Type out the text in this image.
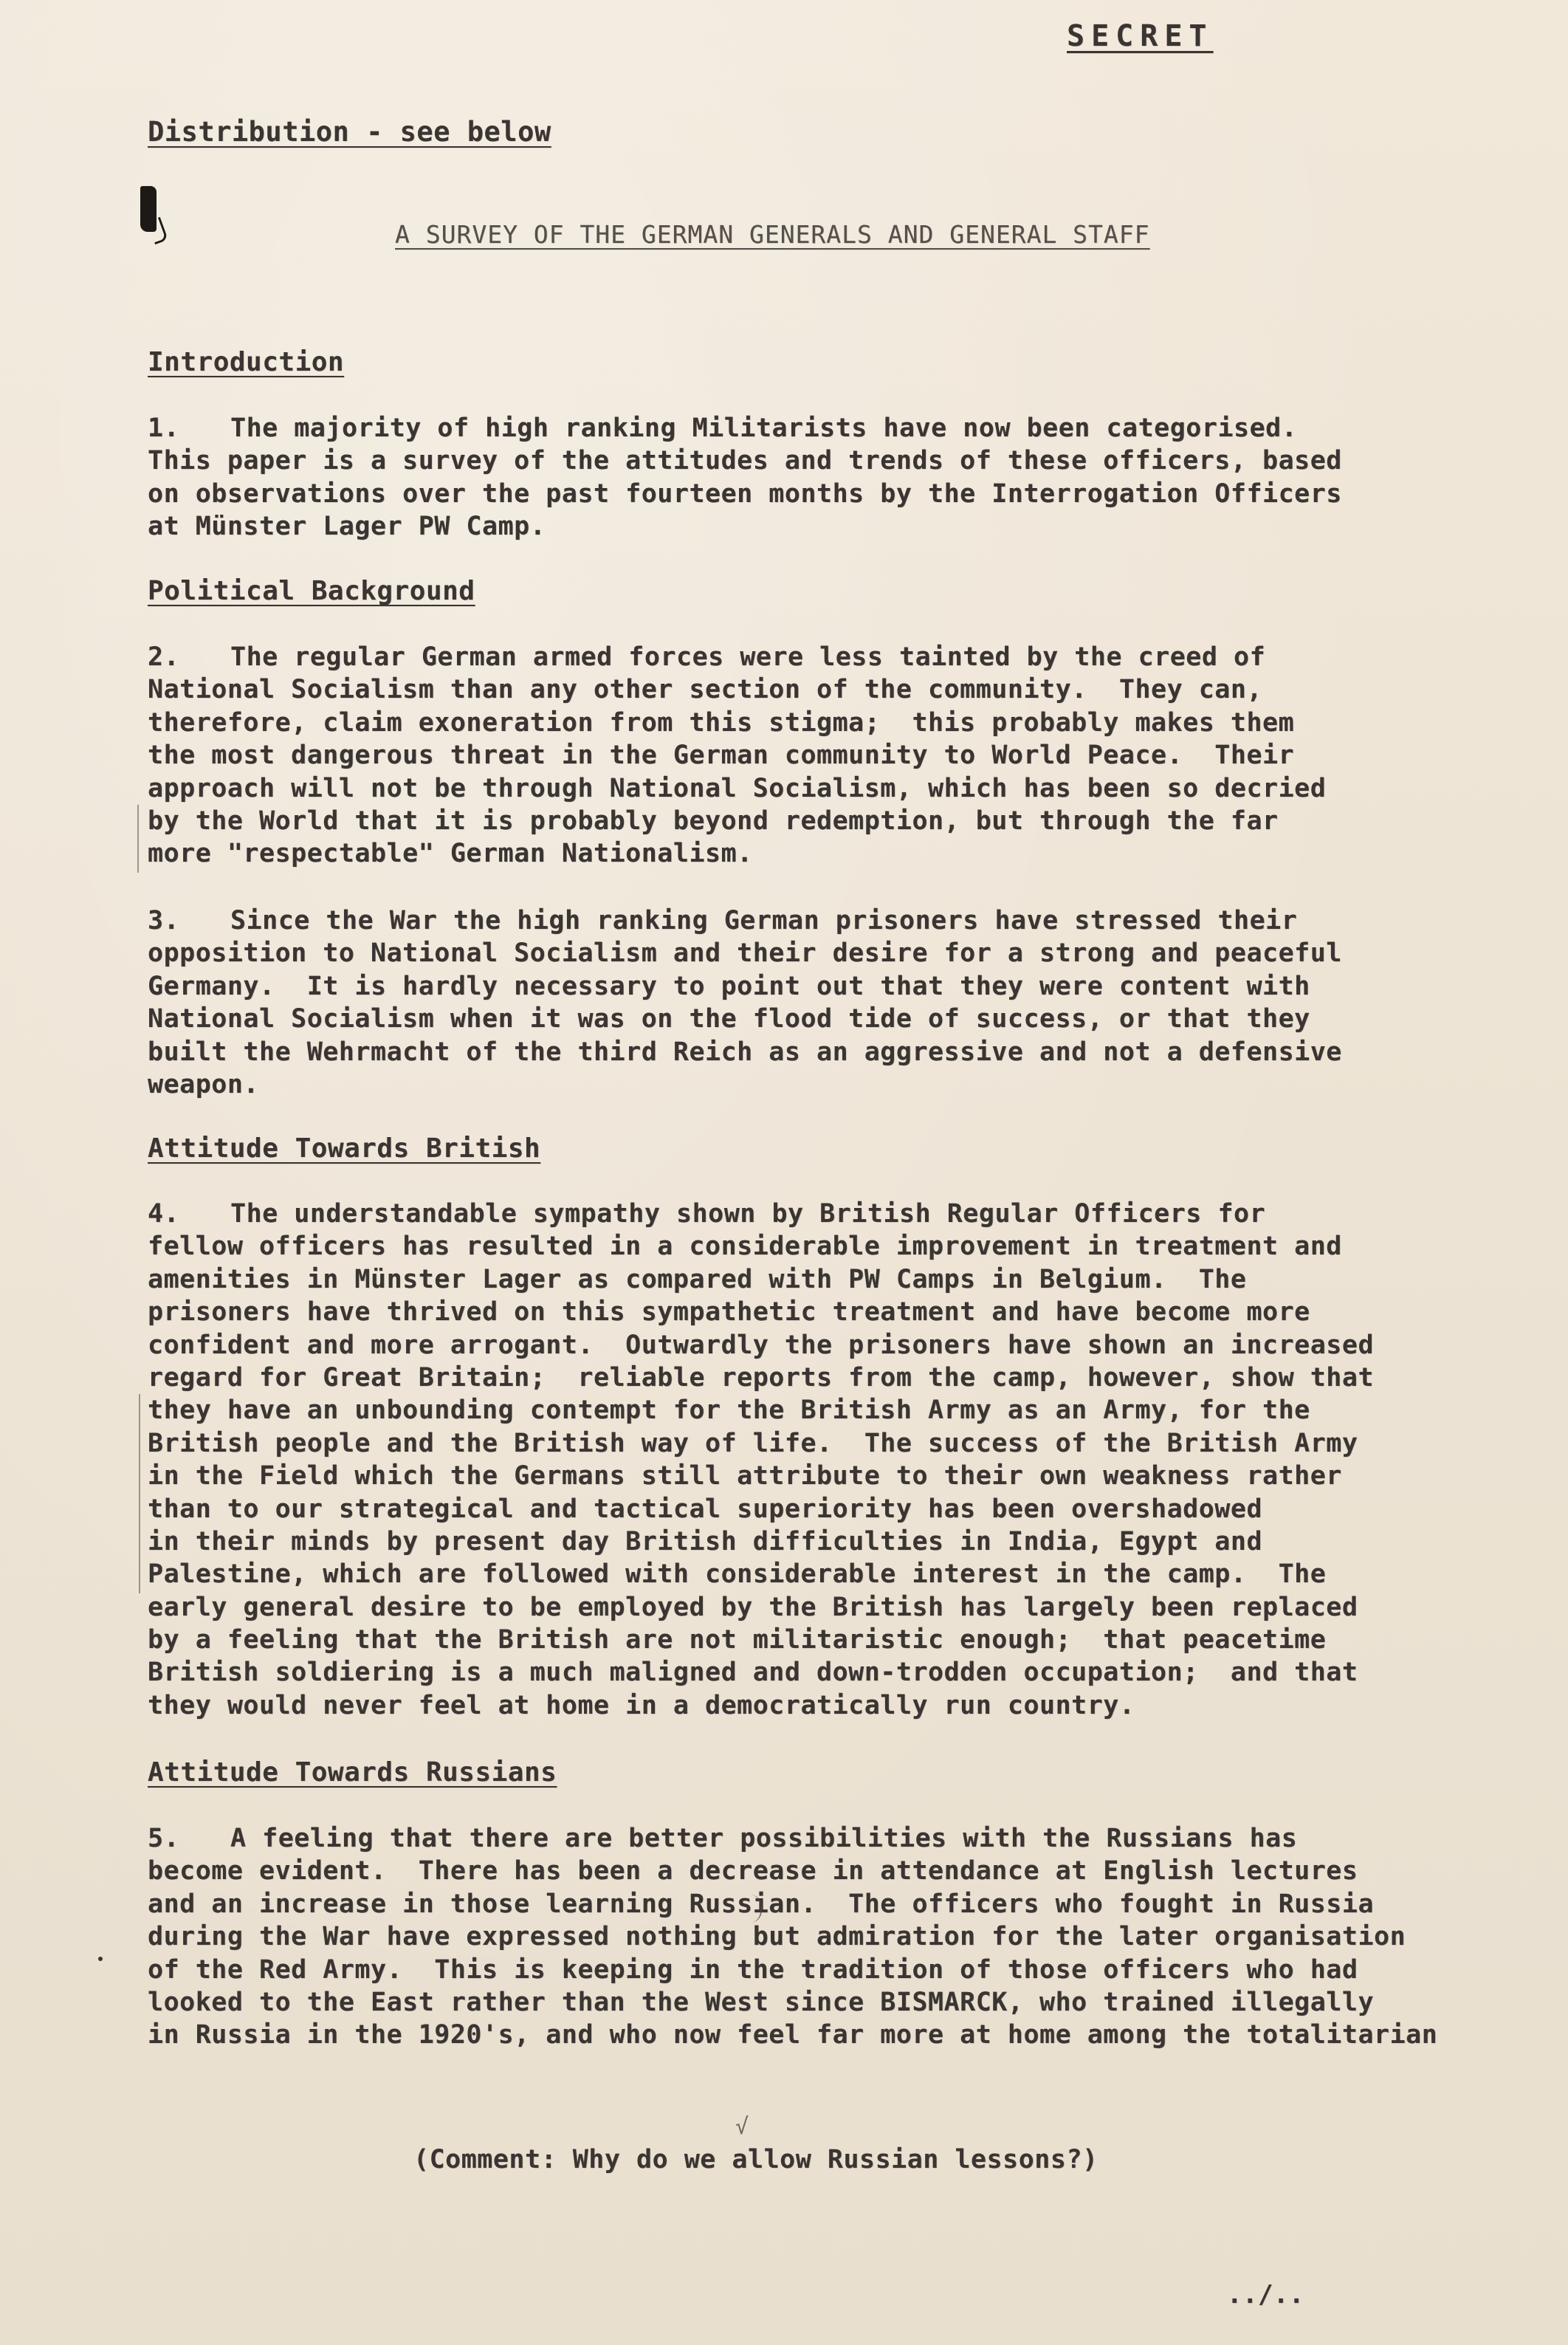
SECRET
Distribution - see below
A SURVEY OF THE GERMAN GENERALS AND GENERAL STAFF
Introduction
1. The majority of high ranking Militarists have now been categorised.
This paper is a survey of the attitudes and trends of these officers, based
on observations over the past fourteen months by the Interrogation Officers
at Münster Lager PW Camp.
Political Background
2. The regular German armed forces were less tainted by the creed of
National Socialism than any other section of the community.  They can,
therefore, claim exoneration from this stigma;  this probably makes them
the most dangerous threat in the German community to World Peace.  Their
approach will not be through National Socialism, which has been so decried
by the World that it is probably beyond redemption, but through the far
more "respectable" German Nationalism.
3. Since the War the high ranking German prisoners have stressed their
opposition to National Socialism and their desire for a strong and peaceful
Germany.  It is hardly necessary to point out that they were content with
National Socialism when it was on the flood tide of success, or that they
built the Wehrmacht of the third Reich as an aggressive and not a defensive
weapon.
Attitude Towards British
4. The understandable sympathy shown by British Regular Officers for
fellow officers has resulted in a considerable improvement in treatment and
amenities in Münster Lager as compared with PW Camps in Belgium.  The
prisoners have thrived on this sympathetic treatment and have become more
confident and more arrogant.  Outwardly the prisoners have shown an increased
regard for Great Britain;  reliable reports from the camp, however, show that
they have an unbounding contempt for the British Army as an Army, for the
British people and the British way of life.  The success of the British Army
in the Field which the Germans still attribute to their own weakness rather
than to our strategical and tactical superiority has been overshadowed
in their minds by present day British difficulties in India, Egypt and
Palestine, which are followed with considerable interest in the camp.  The
early general desire to be employed by the British has largely been replaced
by a feeling that the British are not militaristic enough;  that peacetime
British soldiering is a much maligned and down-trodden occupation;  and that
they would never feel at home in a democratically run country.
Attitude Towards Russians
5. A feeling that there are better possibilities with the Russians has
become evident.  There has been a decrease in attendance at English lectures
and an increase in those learning Russian.  The officers who fought in Russia
during the War have expressed nothing but admiration for the later organisation
of the Red Army.  This is keeping in the tradition of those officers who had
looked to the East rather than the West since BISMARCK, who trained illegally
in Russia in the 1920's, and who now feel far more at home among the totalitarian
√
(Comment: Why do we allow Russian lessons?)
../..
